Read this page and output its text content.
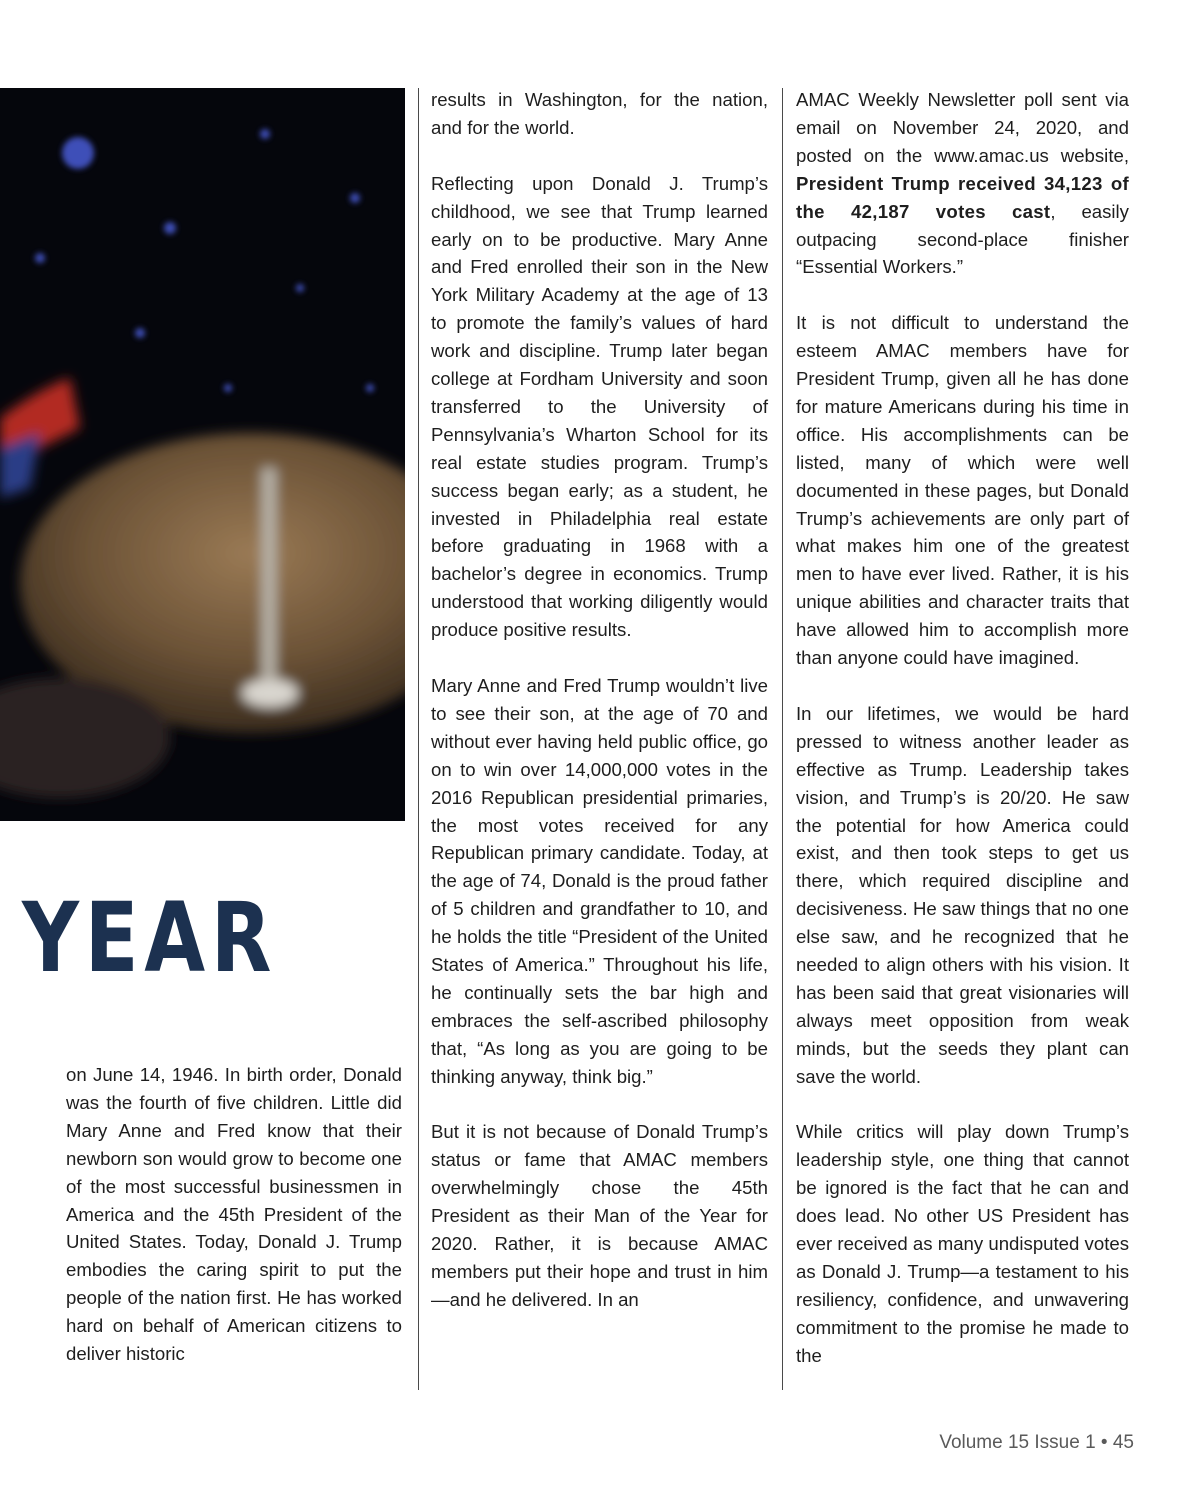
YEAR

on June 14, 1946. In birth order, Donald was the fourth of five children. Little did Mary Anne and Fred know that their newborn son would grow to become one of the most successful businessmen in America and the 45th President of the United States. Today, Donald J. Trump embodies the caring spirit to put the people of the nation first. He has worked hard on behalf of American citizens to deliver historic

results in Washington, for the nation, and for the world.

Reflecting upon Donald J. Trump’s childhood, we see that Trump learned early on to be productive. Mary Anne and Fred enrolled their son in the New York Military Academy at the age of 13 to promote the family’s values of hard work and discipline. Trump later began college at Fordham University and soon transferred to the University of Pennsylvania’s Wharton School for its real estate studies program. Trump’s success began early; as a student, he invested in Philadelphia real estate before graduating in 1968 with a bachelor’s degree in economics. Trump understood that working diligently would produce positive results.

Mary Anne and Fred Trump wouldn’t live to see their son, at the age of 70 and without ever having held public office, go on to win over 14,000,000 votes in the 2016 Republican presidential primaries, the most votes received for any Republican primary candidate. Today, at the age of 74, Donald is the proud father of 5 children and grandfather to 10, and he holds the title “President of the United States of America.” Throughout his life, he continually sets the bar high and embraces the self-ascribed philosophy that, “As long as you are going to be thinking anyway, think big.”

But it is not because of Donald Trump’s status or fame that AMAC members overwhelmingly chose the 45th President as their Man of the Year for 2020. Rather, it is because AMAC members put their hope and trust in him—and he delivered. In an

AMAC Weekly Newsletter poll sent via email on November 24, 2020, and posted on the www.amac.us website, President Trump received 34,123 of the 42,187 votes cast, easily outpacing second-place finisher “Essential Workers.”

It is not difficult to understand the esteem AMAC members have for President Trump, given all he has done for mature Americans during his time in office. His accomplishments can be listed, many of which were well documented in these pages, but Donald Trump’s achievements are only part of what makes him one of the greatest men to have ever lived. Rather, it is his unique abilities and character traits that have allowed him to accomplish more than anyone could have imagined.

In our lifetimes, we would be hard pressed to witness another leader as effective as Trump. Leadership takes vision, and Trump’s is 20/20. He saw the potential for how America could exist, and then took steps to get us there, which required discipline and decisiveness. He saw things that no one else saw, and he recognized that he needed to align others with his vision. It has been said that great visionaries will always meet opposition from weak minds, but the seeds they plant can save the world.

While critics will play down Trump’s leadership style, one thing that cannot be ignored is the fact that he can and does lead. No other US President has ever received as many undisputed votes as Donald J. Trump—a testament to his resiliency, confidence, and unwavering commitment to the promise he made to the

Volume 15 Issue 1 • 45
